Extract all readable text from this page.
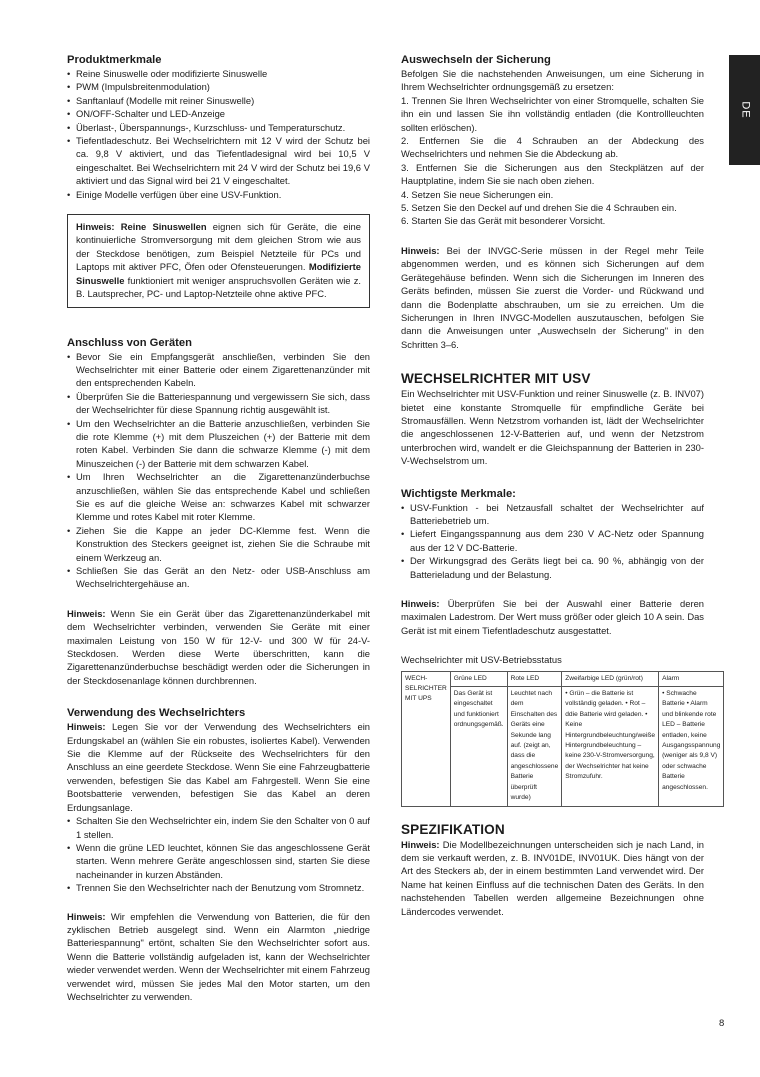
DE
Produktmerkmale
• Reine Sinuswelle oder modifizierte Sinuswelle
• PWM (Impulsbreitenmodulation)
• Sanftanlauf (Modelle mit reiner Sinuswelle)
• ON/OFF-Schalter und LED-Anzeige
• Überlast-, Überspannungs-, Kurzschluss- und Temperaturschutz.
• Tiefentladeschutz. Bei Wechselrichtern mit 12 V wird der Schutz bei ca. 9,8 V aktiviert, und das Tiefentladesignal wird bei 10,5 V eingeschaltet. Bei Wechselrichtern mit 24 V wird der Schutz bei 19,6 V aktiviert und das Signal wird bei 21 V eingeschaltet.
• Einige Modelle verfügen über eine USV-Funktion.

Hinweis: Reine Sinuswellen eignen sich für Geräte, die eine kontinuierliche Stromversorgung mit dem gleichen Strom wie aus der Steckdose benötigen, zum Beispiel Netzteile für PCs und Laptops mit aktiver PFC, Öfen oder Ofensteuerungen. Modifizierte Sinuswelle funktioniert mit weniger anspruchsvollen Geräten wie z. B. Lautsprecher, PC- und Laptop-Netzteile ohne aktive PFC.

Anschluss von Geräten
• Bevor Sie ein Empfangsgerät anschließen, verbinden Sie den Wechselrichter mit einer Batterie oder einem Zigarettenanzünder mit den entsprechenden Kabeln.
• Überprüfen Sie die Batteriespannung und vergewissern Sie sich, dass der Wechselrichter für diese Spannung richtig ausgewählt ist.
• Um den Wechselrichter an die Batterie anzuschließen, verbinden Sie die rote Klemme (+) mit dem Pluszeichen (+) der Batterie mit dem roten Kabel. Verbinden Sie dann die schwarze Klemme (-) mit dem Minuszeichen (-) der Batterie mit dem schwarzen Kabel.
• Um Ihren Wechselrichter an die Zigarettenanzünderbuchse anzuschließen, wählen Sie das entsprechende Kabel und schließen Sie es auf die gleiche Weise an: schwarzes Kabel mit schwarzer Klemme und rotes Kabel mit roter Klemme.
• Ziehen Sie die Kappe an jeder DC-Klemme fest. Wenn die Konstruktion des Steckers geeignet ist, ziehen Sie die Schraube mit einem Werkzeug an.
• Schließen Sie das Gerät an den Netz- oder USB-Anschluss am Wechselrichtergehäuse an.

Hinweis: Wenn Sie ein Gerät über das Zigarettenanzünderkabel mit dem Wechselrichter verbinden, verwenden Sie Geräte mit einer maximalen Leistung von 150 W für 12-V- und 300 W für 24-V-Steckdosen. Werden diese Werte überschritten, kann die Zigarettenanzünderbuchse beschädigt werden oder die Sicherungen in der Steckdosenanlage können durchbrennen.

Verwendung des Wechselrichters

Hinweis: Legen Sie vor der Verwendung des Wechselrichters ein Erdungskabel an (wählen Sie ein robustes, isoliertes Kabel). Verwenden Sie die Klemme auf der Rückseite des Wechselrichters für den Anschluss an eine geerdete Steckdose. Wenn Sie eine Fahrzeugbatterie verwenden, befestigen Sie das Kabel am Fahrgestell. Wenn Sie eine Bootsbatterie verwenden, befestigen Sie das Kabel an deren Erdungsanlage.

• Schalten Sie den Wechselrichter ein, indem Sie den Schalter von 0 auf 1 stellen.
• Wenn die grüne LED leuchtet, können Sie das angeschlossene Gerät starten. Wenn mehrere Geräte angeschlossen sind, starten Sie diese nacheinander in kurzen Abständen.
• Trennen Sie den Wechselrichter nach der Benutzung vom Stromnetz.

Hinweis: Wir empfehlen die Verwendung von Batterien, die für den zyklischen Betrieb ausgelegt sind. Wenn ein Alarmton „niedrige Batteriespannung" ertönt, schalten Sie den Wechselrichter sofort aus. Wenn die Batterie vollständig aufgeladen ist, kann der Wechselrichter wieder verwendet werden. Wenn der Wechselrichter mit einem Fahrzeug verwendet wird, müssen Sie jedes Mal den Motor starten, um den Wechselrichter zu verwenden.

Auswechseln der Sicherung

Befolgen Sie die nachstehenden Anweisungen, um eine Sicherung in Ihrem Wechselrichter ordnungsgemäß zu ersetzen:

1. Trennen Sie Ihren Wechselrichter von einer Stromquelle, schalten Sie ihn ein und lassen Sie ihn vollständig entladen (die Kontrollleuchten sollten erlöschen).
2. Entfernen Sie die 4 Schrauben an der Abdeckung des Wechselrichters und nehmen Sie die Abdeckung ab.
3. Entfernen Sie die Sicherungen aus den Steckplätzen auf der Hauptplatine, indem Sie sie nach oben ziehen.
4. Setzen Sie neue Sicherungen ein.
5. Setzen Sie den Deckel auf und drehen Sie die 4 Schrauben ein.
6. Starten Sie das Gerät mit besonderer Vorsicht.

Hinweis: Bei der INVGC-Serie müssen in der Regel mehr Teile abgenommen werden, und es können sich Sicherungen auf dem Gerätegehäuse befinden. Wenn sich die Sicherungen im Inneren des Geräts befinden, müssen Sie zuerst die Vorder- und Rückwand und dann die Bodenplatte abschrauben, um sie zu erreichen. Um die Sicherungen in Ihren INVGC-Modellen auszutauschen, befolgen Sie dann die Anweisungen unter „Auswechseln der Sicherung" in den Schritten 3–6.

WECHSELRICHTER MIT USV

Ein Wechselrichter mit USV-Funktion und reiner Sinuswelle (z. B. INV07) bietet eine konstante Stromquelle für empfindliche Geräte bei Stromausfällen. Wenn Netzstrom vorhanden ist, lädt der Wechselrichter die angeschlossenen 12-V-Batterien auf, und wenn der Netzstrom unterbrochen wird, wandelt er die Gleichspannung der Batterien in 230-V-Wechselstrom um.

Wichtigste Merkmale:
• USV-Funktion - bei Netzausfall schaltet der Wechselrichter auf Batteriebetrieb um.
• Liefert Eingangsspannung aus dem 230 V AC-Netz oder Spannung aus der 12 V DC-Batterie.
• Der Wirkungsgrad des Geräts liegt bei ca. 90 %, abhängig von der Batterieladung und der Belastung.

Hinweis: Überprüfen Sie bei der Auswahl einer Batterie deren maximalen Ladestrom. Der Wert muss größer oder gleich 10 A sein. Das Gerät ist mit einem Tiefentladeschutz ausgestattet.

Wechselrichter mit USV-Betriebsstatus

WECH-SELRICHTER MIT UPS	Grüne LED	Rote LED	Zweifarbige LED (grün/rot)	Alarm
	Das Gerät ist eingeschaltet und funktioniert ordnungsgemäß.	Leuchtet nach dem Einschalten des Geräts eine Sekunde lang auf. (zeigt an, dass die angeschlossene Batterie überprüft wurde)	• Grün – die Batterie ist vollständig geladen. • Rot – ddie Batterie wird geladen. • Keine Hintergrundbeleuchtung/weiße Hintergrundbeleuchtung – keine 230-V-Stromversorgung, der Wechselrichter hat keine Stromzufuhr.	• Schwache Batterie • Alarm und blinkende rote LED – Batterie entladen, keine Ausgangsspannung (weniger als 9,8 V) oder schwache Batterie angeschlossen.
SPEZIFIKATION

Hinweis: Die Modellbezeichnungen unterscheiden sich je nach Land, in dem sie verkauft werden, z. B. INV01DE, INV01UK. Dies hängt von der Art des Steckers ab, der in einem bestimmten Land verwendet wird. Der Name hat keinen Einfluss auf die technischen Daten des Geräts. In den nachstehenden Tabellen werden allgemeine Bezeichnungen ohne Ländercodes verwendet.

8
